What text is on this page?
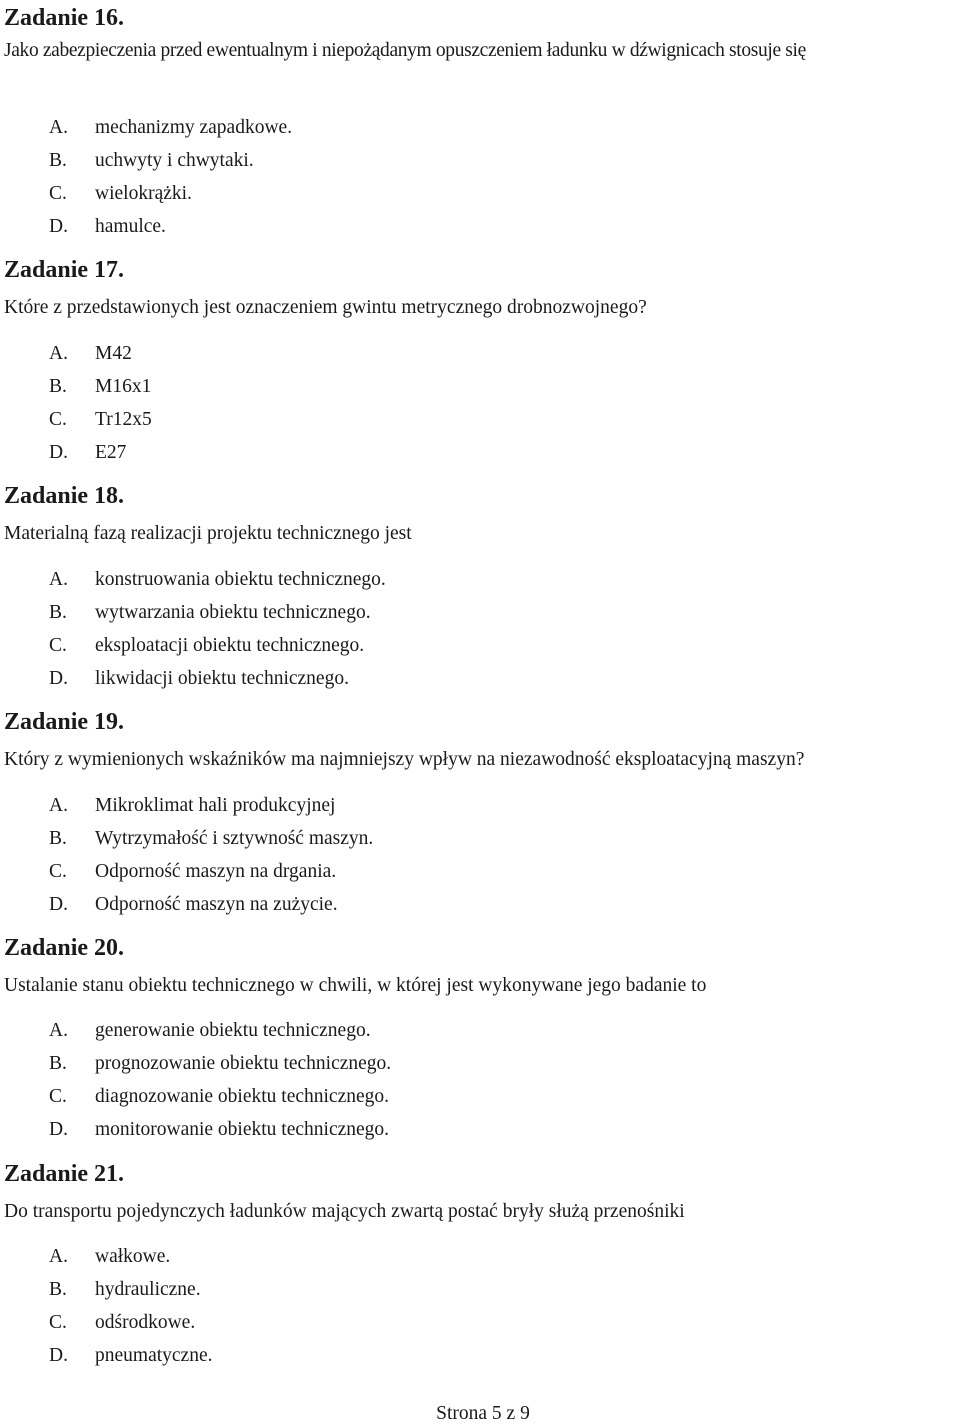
Zadanie 16.
Jako zabezpieczenia przed ewentualnym i niepożądanym opuszczeniem ładunku w dźwignicach stosuje się
A. mechanizmy zapadkowe.
B. uchwyty i chwytaki.
C. wielokrążki.
D. hamulce.
Zadanie 17.
Które z przedstawionych jest oznaczeniem gwintu metrycznego drobnozwojnego?
A. M42
B. M16x1
C. Tr12x5
D. E27
Zadanie 18.
Materialną fazą realizacji projektu technicznego jest
A. konstruowania obiektu technicznego.
B. wytwarzania obiektu technicznego.
C. eksploatacji obiektu technicznego.
D. likwidacji obiektu technicznego.
Zadanie 19.
Który z wymienionych wskaźników ma najmniejszy wpływ na niezawodność eksploatacyjną maszyn?
A. Mikroklimat hali produkcyjnej
B. Wytrzymałość i sztywność maszyn.
C. Odporność maszyn na drgania.
D. Odporność maszyn na zużycie.
Zadanie 20.
Ustalanie stanu obiektu technicznego w chwili, w której jest wykonywane jego badanie to
A. generowanie obiektu technicznego.
B. prognozowanie obiektu technicznego.
C. diagnozowanie obiektu technicznego.
D. monitorowanie obiektu technicznego.
Zadanie 21.
Do transportu pojedynczych ładunków mających zwartą postać bryły służą przenośniki
A. wałkowe.
B. hydrauliczne.
C. odśrodkowe.
D. pneumatyczne.
Strona 5 z 9
